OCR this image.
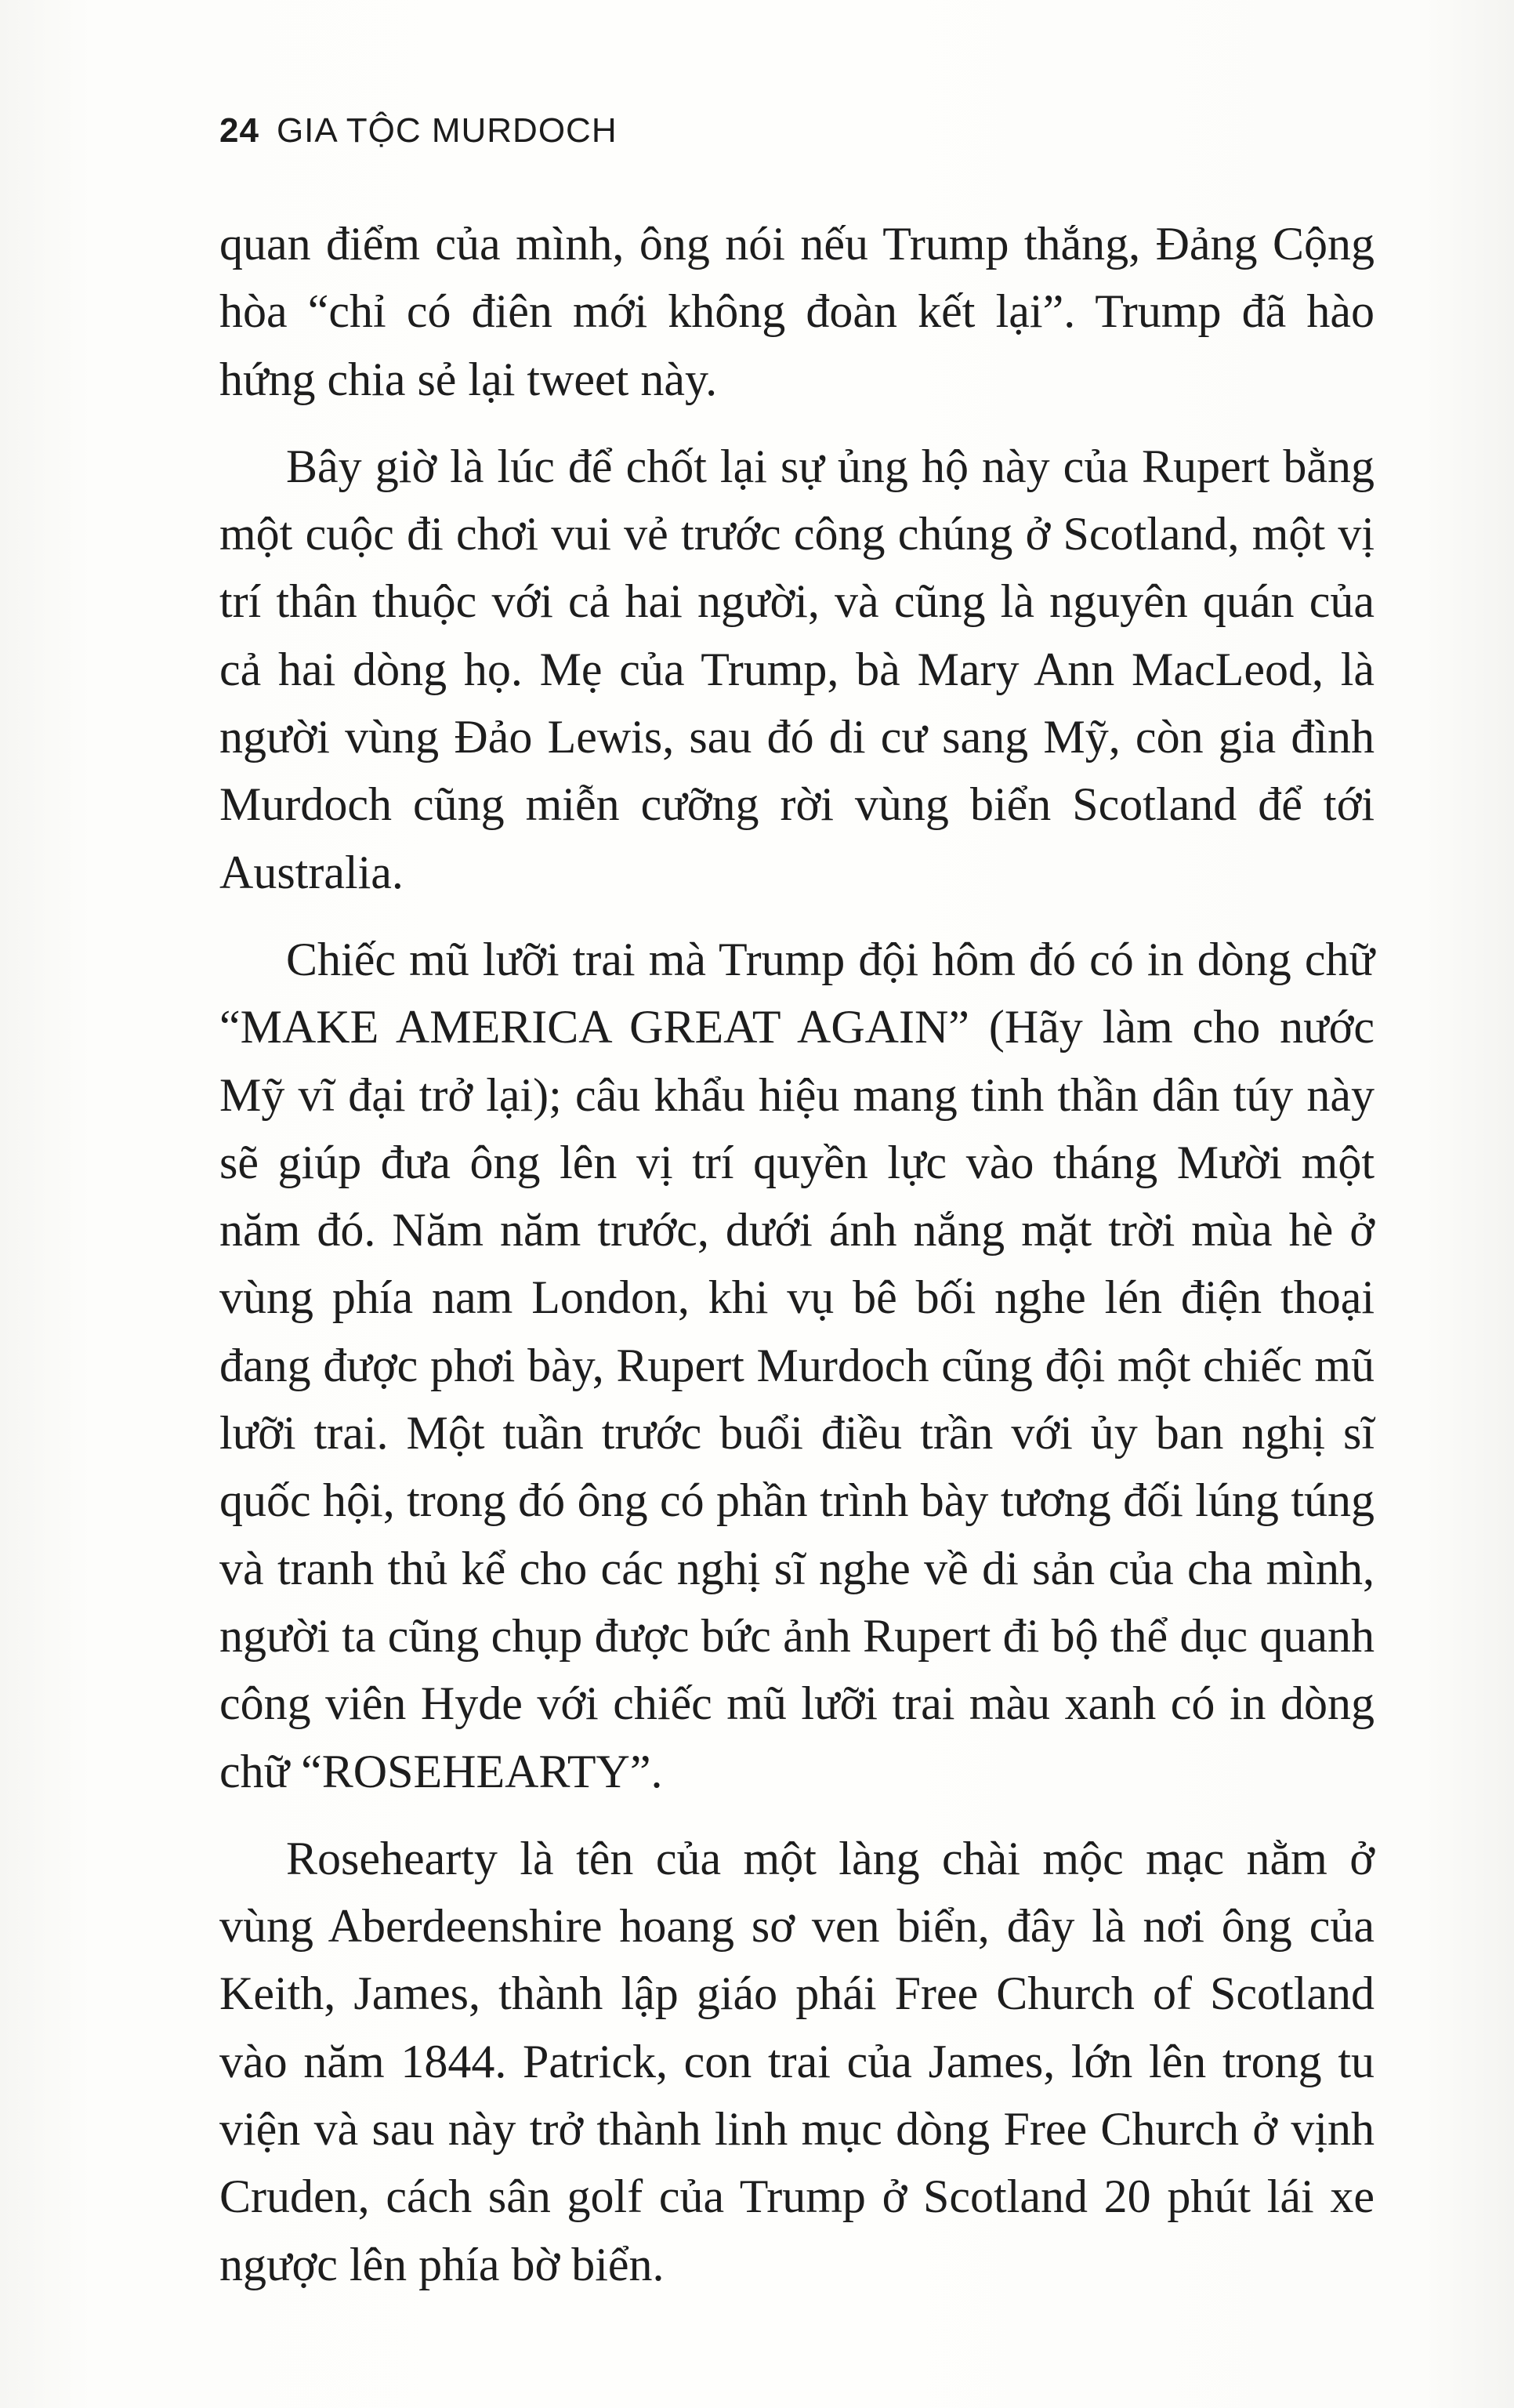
24 GIA TỘC MURDOCH

quan điểm của mình, ông nói nếu Trump thắng, Đảng Cộng hòa “chỉ có điên mới không đoàn kết lại”. Trump đã hào hứng chia sẻ lại tweet này.

Bây giờ là lúc để chốt lại sự ủng hộ này của Rupert bằng một cuộc đi chơi vui vẻ trước công chúng ở Scotland, một vị trí thân thuộc với cả hai người, và cũng là nguyên quán của cả hai dòng họ. Mẹ của Trump, bà Mary Ann MacLeod, là người vùng Đảo Lewis, sau đó di cư sang Mỹ, còn gia đình Murdoch cũng miễn cưỡng rời vùng biển Scotland để tới Australia.

Chiếc mũ lưỡi trai mà Trump đội hôm đó có in dòng chữ “MAKE AMERICA GREAT AGAIN” (Hãy làm cho nước Mỹ vĩ đại trở lại); câu khẩu hiệu mang tinh thần dân túy này sẽ giúp đưa ông lên vị trí quyền lực vào tháng Mười một năm đó. Năm năm trước, dưới ánh nắng mặt trời mùa hè ở vùng phía nam London, khi vụ bê bối nghe lén điện thoại đang được phơi bày, Rupert Murdoch cũng đội một chiếc mũ lưỡi trai. Một tuần trước buổi điều trần với ủy ban nghị sĩ quốc hội, trong đó ông có phần trình bày tương đối lúng túng và tranh thủ kể cho các nghị sĩ nghe về di sản của cha mình, người ta cũng chụp được bức ảnh Rupert đi bộ thể dục quanh công viên Hyde với chiếc mũ lưỡi trai màu xanh có in dòng chữ “ROSEHEARTY”.

Rosehearty là tên của một làng chài mộc mạc nằm ở vùng Aberdeenshire hoang sơ ven biển, đây là nơi ông của Keith, James, thành lập giáo phái Free Church of Scotland vào năm 1844. Patrick, con trai của James, lớn lên trong tu viện và sau này trở thành linh mục dòng Free Church ở vịnh Cruden, cách sân golf của Trump ở Scotland 20 phút lái xe ngược lên phía bờ biển.
